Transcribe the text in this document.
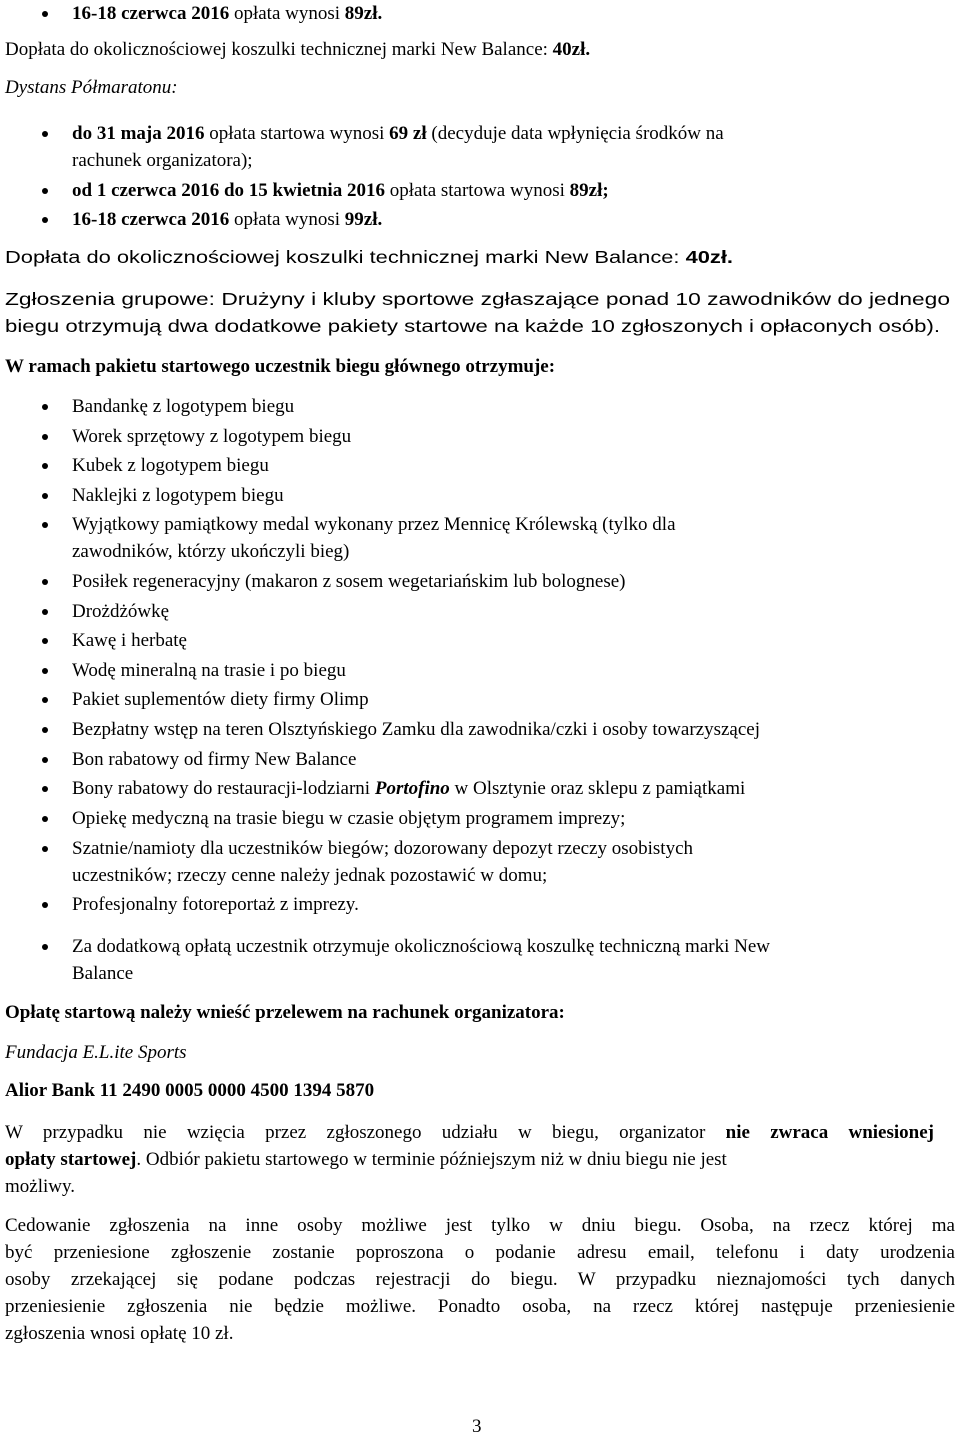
16-18 czerwca 2016 opłata wynosi 89zł.
Dopłata do okolicznościowej koszulki technicznej marki New Balance: 40zł.
Dystans Półmaratonu:
do 31 maja 2016 opłata startowa wynosi 69 zł (decyduje data wpłynięcia środków na
rachunek organizatora);
od 1 czerwca 2016 do 15 kwietnia 2016 opłata startowa wynosi 89zł;
16-18 czerwca 2016 opłata wynosi 99zł.
Dopłata do okolicznościowej koszulki technicznej marki New Balance: 40zł.
Zgłoszenia grupowe: Drużyny i kluby sportowe zgłaszające ponad 10 zawodników do jednego
biegu otrzymują dwa dodatkowe pakiety startowe na każde 10 zgłoszonych i opłaconych osób).
W ramach pakietu startowego uczestnik biegu głównego otrzymuje:
Bandankę z logotypem biegu
Worek sprzętowy z logotypem biegu
Kubek z logotypem biegu
Naklejki z logotypem biegu
Wyjątkowy pamiątkowy medal wykonany przez Mennicę Królewską (tylko dla
zawodników, którzy ukończyli bieg)
Posiłek regeneracyjny (makaron z sosem wegetariańskim lub bolognese)
Drożdżówkę
Kawę i herbatę
Wodę mineralną na trasie i po biegu
Pakiet suplementów diety firmy Olimp
Bezpłatny wstęp na teren Olsztyńskiego Zamku dla zawodnika/czki i osoby towarzyszącej
Bon rabatowy od firmy New Balance
Bony rabatowy do restauracji-lodziarni Portofino w Olsztynie oraz sklepu z pamiątkami
Opiekę medyczną na trasie biegu w czasie objętym programem imprezy;
Szatnie/namioty dla uczestników biegów; dozorowany depozyt rzeczy osobistych
uczestników; rzeczy cenne należy jednak pozostawić w domu;
Profesjonalny fotoreportaż z imprezy.
Za dodatkową opłatą uczestnik otrzymuje okolicznościową koszulkę techniczną marki New
Balance
Opłatę startową należy wnieść przelewem na rachunek organizatora:
Fundacja E.L.ite Sports
Alior Bank 11 2490 0005 0000 4500 1394 5870
W przypadku nie wzięcia przez zgłoszonego udziału w biegu, organizator nie zwraca wniesionej
opłaty startowej. Odbiór pakietu startowego w terminie późniejszym niż w dniu biegu nie jest
możliwy.
Cedowanie zgłoszenia na inne osoby możliwe jest tylko w dniu biegu. Osoba, na rzecz której ma
być przeniesione zgłoszenie zostanie poproszona o podanie adresu email, telefonu i daty urodzenia
osoby zrzekającej się podane podczas rejestracji do biegu. W przypadku nieznajomości tych danych
przeniesienie zgłoszenia nie będzie możliwe. Ponadto osoba, na rzecz której następuje przeniesienie
zgłoszenia wnosi opłatę 10 zł.
3
